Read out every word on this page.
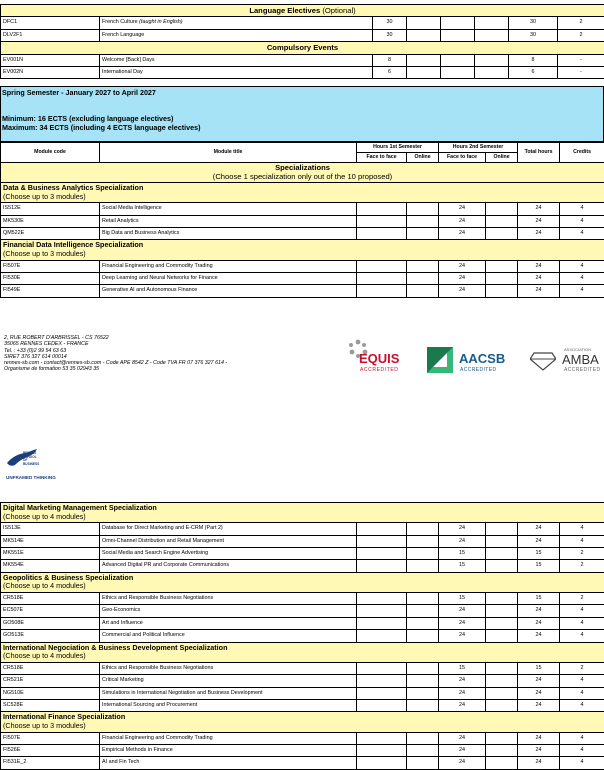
Language Electives (Optional)							
DFC1	French Culture (taught in English)	30				30	2
DLV2F1	French Language	30				30	2
Compulsory Events							
EV001N	Welcome [Back] Days	8				8	-
EV002N	International Day	6				6	-
Spring Semester - January 2027 to April 2027
Minimum: 16 ECTS (excluding language electives)
Maximum: 34 ECTS (including 4 ECTS language electives)
Module code	Module title	Hours 1st Semester		Hours 2nd Semester		Total hours	Credits
		Face to face	Online	Face to face	Online		

Specializations
(Choose 1 specialization only out of the 10 proposed)							

Data & Business Analytics Specialization
(Choose up to 3 modules)							

IS512E	Social Media Intelligence			24		24	4
MK530E	Retail Analytics			24		24	4
QM522E	Big Data and Business Analytics			24		24	4

Financial Data Intelligence Specialization
(Choose up to 3 modules)							

FI507E	Financial Engineering and Commodity Trading			24		24	4
FI530E	Deep Learning and Neural Networks for Finance			24		24	4
FI549E	Generative AI and Autonomous Finance			24		24	4
2, RUE ROBERT D'ARBRISSEL - CS 76522
35065 RENNES CEDEX - FRANCE
Tel. : +33 (0)2 99 54 63 63
SIRET 376 327 614 00014
rennes-sb.com - contact@rennes-sb.com - Code APE 8542 Z - Code TVA FR 07 376 327 614 -
Organisme de formation 53 35 02943 35
EQUIS
ACCREDITED
AACSB
ACCREDITED
ASSOCIATION
AMBA
ACCREDITED
RENNES
SCHOOL
OF
BUSINESS
UNFRAMED THINKING
Digital Marketing Management Specialization
(Choose up to 4 modules)							

IS513E	Database for Direct Marketing and E-CRM (Part 2)			24		24	4
MK514E	Omni-Channel Distribution and Retail Management			24		24	4
MK551E	Social Media and Search Engine Advertising			15		15	2
MK554E	Advanced Digital PR and Corporate Communications			15		15	2

Geopolitics & Business Specialization
(Choose up to 4 modules)							

CR518E	Ethics and Responsible Business Negotiations			15		15	2
EC507E	Geo-Economics			24		24	4
GO508E	Art and Influence			24		24	4
GO513E	Commercial and Political Influence			24		24	4

International Negociation & Business Development Specialization
(Choose up to 4 modules)							

CR518E	Ethics and Responsible Business Negotiations			15		15	2
CR521E	Critical Marketing			24		24	4
NG510E	Simulations in International Negotiation and Business Development			24		24	4
SC528E	International Sourcing and Procurement			24		24	4

International Finance Specialization
(Choose up to 3 modules)							

FI507E	Financial Engineering and Commodity Trading			24		24	4
FI526E	Empirical Methods in Finance			24		24	4
FI531E_2	AI and Fin Tech			24		24	4
